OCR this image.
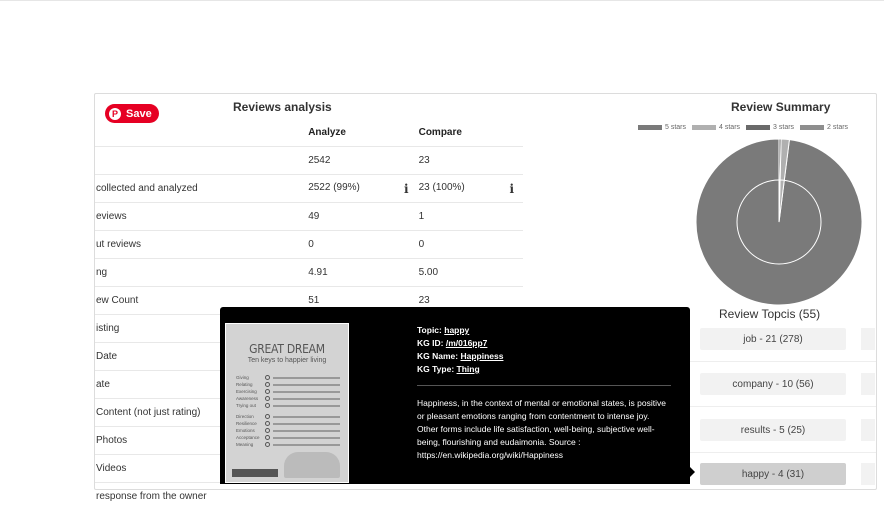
P Save	Reviews analysis
	Analyze	Compare
	2542	23
collected and analyzed	2522 (99%) i	23 (100%) i

eviews	49	1
ut reviews	0	0
ng	4.91	5.00
ew Count	51	23
isting		
Date		
ate		
Content (not just rating)		
Photos		
Videos		
response from the owner		
Review Summary
5 stars	4 stars	3 stars	2 stars
Review Topcis (55)
job - 21 (278)
company - 10 (56)
results - 5 (25)
happy - 4 (31)
GREAT DREAM
Ten keys to happier living
Giving
Relating
Exercising
Awareness
Trying out
Direction
Resilience
Emotions
Acceptance
Meaning
Topic: happy
KG ID: /m/016pp7
KG Name: Happiness
KG Type: Thing
Happiness, in the context of mental or emotional states, is positive or pleasant emotions ranging from contentment to intense joy. Other forms include life satisfaction, well-being, subjective well-being, flourishing and eudaimonia. Source : https://en.wikipedia.org/wiki/Happiness
